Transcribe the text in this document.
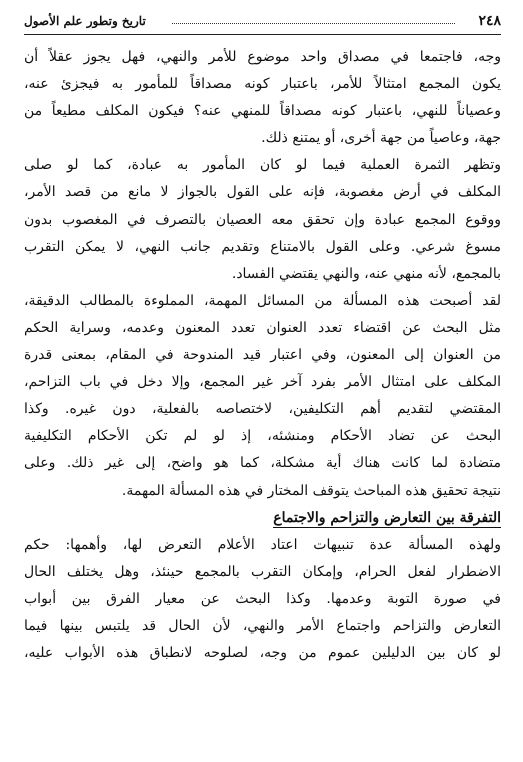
٢٤٨
تاريخ وتطور علم الأصول

وجه، فاجتمعا في مصداق واحد موضوع للأمر والنهي، فهل يجوز عقلاً أن
يكون المجمع امتثالاً للأمر، باعتبار كونه مصداقاً للمأمور به فيجزئ عنه،
وعصياناً للنهي، باعتبار كونه مصداقاً للمنهي عنه؟ فيكون المكلف مطيعاً من
جهة، وعاصياً من جهة أخرى، أو يمتنع ذلك.

وتظهر الثمرة العملية فيما لو كان المأمور به عبادة، كما لو صلى
المكلف في أرض مغصوبة، فإنه على القول بالجواز لا مانع من قصد الأمر،
ووقوع المجمع عبادة وإن تحقق معه العصيان بالتصرف في المغصوب بدون
مسوغ شرعي. وعلى القول بالامتناع وتقديم جانب النهي، لا يمكن التقرب
بالمجمع، لأنه منهي عنه، والنهي يقتضي الفساد.

لقد أصبحت هذه المسألة من المسائل المهمة، المملوءة بالمطالب الدقيقة،
مثل البحث عن اقتضاء تعدد العنوان تعدد المعنون وعدمه، وسراية الحكم
من العنوان إلى المعنون، وفي اعتبار قيد المندوحة في المقام، بمعنى قدرة
المكلف على امتثال الأمر بفرد آخر غير المجمع، وإلا دخل في باب التزاحم،
المقتضي لتقديم أهم التكليفين، لاختصاصه بالفعلية، دون غيره. وكذا
البحث عن تضاد الأحكام ومنشئه، إذ لو لم تكن الأحكام التكليفية
متضادة لما كانت هناك أية مشكلة، كما هو واضح، إلى غير ذلك. وعلى
نتيجة تحقيق هذه المباحث يتوقف المختار في هذه المسألة المهمة.

التفرقة بين التعارض والتزاحم والاجتماع

ولهذه المسألة عدة تنبيهات اعتاد الأعلام التعرض لها، وأهمها: حكم
الاضطرار لفعل الحرام، وإمكان التقرب بالمجمع حينئذ، وهل يختلف الحال
في صورة التوبة وعدمها. وكذا البحث عن معيار الفرق بين أبواب
التعارض والتزاحم واجتماع الأمر والنهي، لأن الحال قد يلتبس بينها فيما
لو كان بين الدليلين عموم من وجه، لصلوحه لانطباق هذه الأبواب عليه،
